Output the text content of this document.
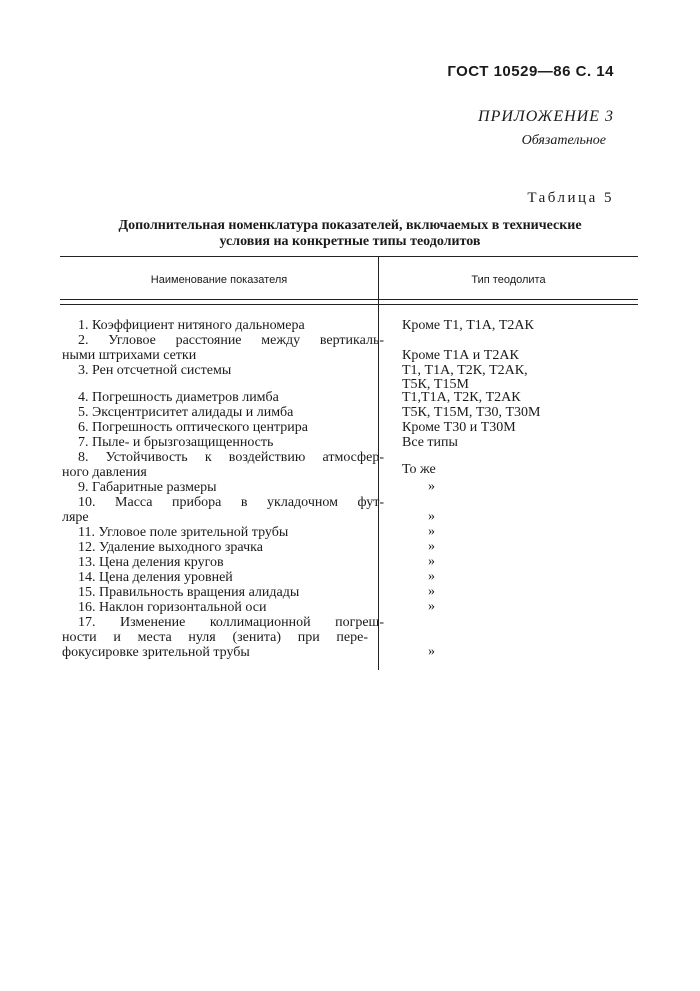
ГОСТ 10529—86 С. 14
ПРИЛОЖЕНИЕ 3
Обязательное
Таблица 5
Дополнительная номенклатура показателей, включаемых в технические
условия на конкретные типы теодолитов
Наименование показателя	Тип теодолита
1. Коэффициент нитяного дальномера
2. Угловое расстояние между вертикаль-
ными штрихами сетки
3. Рен отсчетной системы
4. Погрешность диаметров лимба
5. Эксцентриситет алидады и лимба
6. Погрешность оптического центрира
7. Пыле- и брызгозащищенность
8. Устойчивость к воздействию атмосфер-
ного давления
9. Габаритные размеры
10. Масса прибора в укладочном фут-
ляре
11. Угловое поле зрительной трубы
12. Удаление выходного зрачка
13. Цена деления кругов
14. Цена деления уровней
15. Правильность вращения алидады
16. Наклон горизонтальной оси
17. Изменение коллимационной погреш-
ности и места нуля (зенита) при пере-
фокусировке зрительной трубы
Кроме Т1, Т1А, Т2АК
Кроме Т1А и Т2АК
Т1, Т1А, Т2К, Т2АК,
Т5К, Т15М
Т1,Т1А, Т2К, Т2АК
Т5К, Т15М, Т30, Т30М
Кроме Т30 и Т30М
Все типы
То же
»
»
»
»
»
»
»
»
»
